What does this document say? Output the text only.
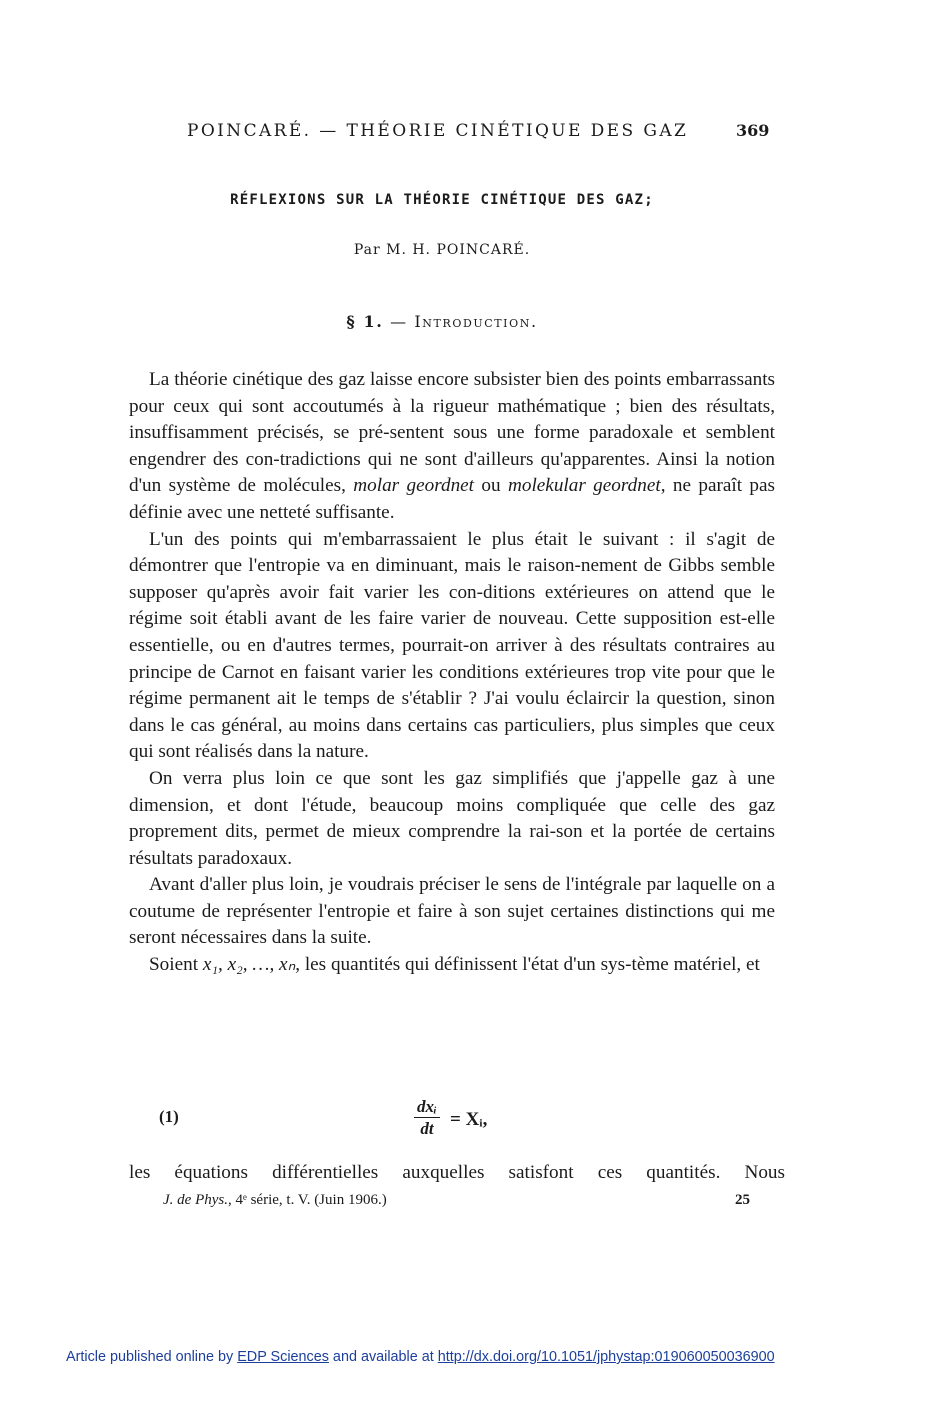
POINCARÉ. — THÉORIE CINÉTIQUE DES GAZ	369
RÉFLEXIONS SUR LA THÉORIE CINÉTIQUE DES GAZ;
Par M. H. POINCARÉ.
§ 1. — Introduction.

La théorie cinétique des gaz laisse encore subsister bien des points embarrassants pour ceux qui sont accoutumés à la rigueur mathématique ; bien des résultats, insuffisamment précisés, se pré-sentent sous une forme paradoxale et semblent engendrer des con-tradictions qui ne sont d'ailleurs qu'apparentes. Ainsi la notion d'un système de molécules, molar geordnet ou molekular geordnet, ne paraît pas définie avec une netteté suffisante.

L'un des points qui m'embarrassaient le plus était le suivant : il s'agit de démontrer que l'entropie va en diminuant, mais le raison-nement de Gibbs semble supposer qu'après avoir fait varier les con-ditions extérieures on attend que le régime soit établi avant de les faire varier de nouveau. Cette supposition est-elle essentielle, ou en d'autres termes, pourrait-on arriver à des résultats contraires au principe de Carnot en faisant varier les conditions extérieures trop vite pour que le régime permanent ait le temps de s'établir ? J'ai voulu éclaircir la question, sinon dans le cas général, au moins dans certains cas particuliers, plus simples que ceux qui sont réalisés dans la nature.

On verra plus loin ce que sont les gaz simplifiés que j'appelle gaz à une dimension, et dont l'étude, beaucoup moins compliquée que celle des gaz proprement dits, permet de mieux comprendre la rai-son et la portée de certains résultats paradoxaux.

Avant d'aller plus loin, je voudrais préciser le sens de l'intégrale par laquelle on a coutume de représenter l'entropie et faire à son sujet certaines distinctions qui me seront nécessaires dans la suite.

Soient x₁, x₂, …, xₙ, les quantités qui définissent l'état d'un sys-tème matériel, et

(1)
dxᵢ
dt = Xᵢ,
les équations différentielles auxquelles satisfont ces quantités. Nous
J. de Phys., 4ᵉ série, t. V. (Juin 1906.)	25
Article published online by EDP Sciences and available at http://dx.doi.org/10.1051/jphystap:019060050036900
